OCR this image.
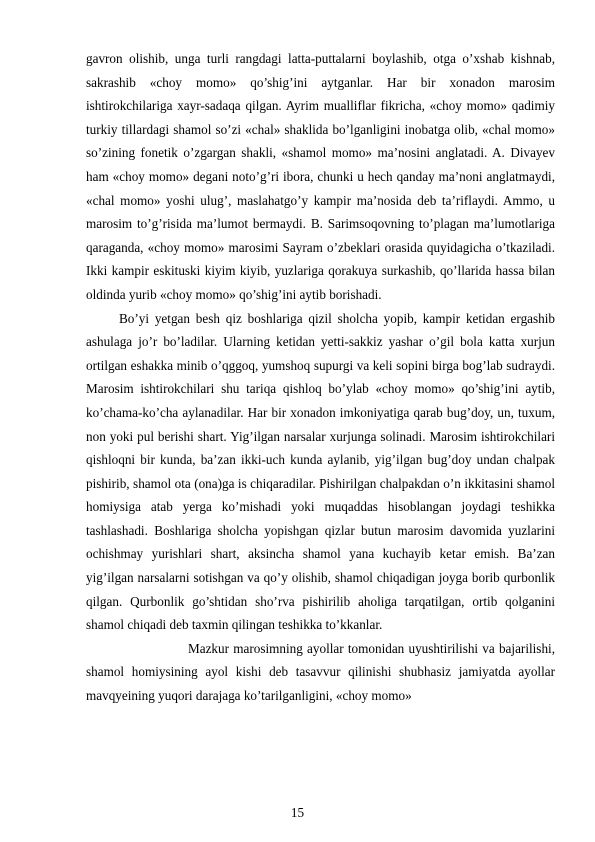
gavron olishib, unga turli rangdagi latta-puttalarni boylashib, otga o’xshab kishnab, sakrashib «choy momo» qo’shig’ini aytganlar. Har bir xonadon marosim ishtirokchilariga xayr-sadaqa qilgan. Ayrim mualliflar fikricha, «choy momo» qadimiy turkiy tillardagi shamol so’zi «chal» shaklida bo’lganligini inobatga olib, «chal momo» so’zining fonetik o’zgargan shakli, «shamol momo» ma’nosini anglatadi. A. Divayev ham «choy momo» degani noto’g’ri ibora, chunki u hech qanday ma’noni anglatmaydi, «chal momo» yoshi ulug’, maslahatgo’y kampir ma’nosida deb ta’riflaydi. Ammo, u marosim to’g’risida ma’lumot bermaydi. B. Sarimsoqovning to’plagan ma’lumotlariga qaraganda, «choy momo» marosimi Sayram o’zbeklari orasida quyidagicha o’tkaziladi. Ikki kampir eskituski kiyim kiyib, yuzlariga qorakuya surkashib, qo’llarida hassa bilan oldinda yurib «choy momo» qo’shig’ini aytib borishadi.

Bo’yi yetgan besh qiz boshlariga qizil sholcha yopib, kampir ketidan ergashib ashulaga jo’r bo’ladilar. Ularning ketidan yetti-sakkiz yashar o’gil bola katta xurjun ortilgan eshakka minib o’qggoq, yumshoq supurgi va keli sopini birga bog’lab sudraydi. Marosim ishtirokchilari shu tariqa qishloq bo’ylab «choy momo» qo’shig’ini aytib, ko’chama-ko’cha aylanadilar. Har bir xonadon imkoniyatiga qarab bug’doy, un, tuxum, non yoki pul berishi shart. Yig’ilgan narsalar xurjunga solinadi. Marosim ishtirokchilari qishloqni bir kunda, ba’zan ikki-uch kunda aylanib, yig’ilgan bug’doy undan chalpak pishirib, shamol ota (ona)ga is chiqaradilar. Pishirilgan chalpakdan o’n ikkitasini shamol homiysiga atab yerga ko’mishadi yoki muqaddas hisoblangan joydagi teshikka tashlashadi. Boshlariga sholcha yopishgan qizlar butun marosim davomida yuzlarini ochishmay yurishlari shart, aksincha shamol yana kuchayib ketar emish. Ba’zan yig’ilgan narsalarni sotishgan va qo’y olishib, shamol chiqadigan joyga borib qurbonlik qilgan. Qurbonlik go’shtidan sho’rva pishirilib aholiga tarqatilgan, ortib qolganini shamol chiqadi deb taxmin qilingan teshikka to’kkanlar.

Mazkur marosimning ayollar tomonidan uyushtirilishi va bajarilishi, shamol homiysining ayol kishi deb tasavvur qilinishi shubhasiz jamiyatda ayollar mavqyeining yuqori darajaga ko’tarilganligini, «choy momo»

15
